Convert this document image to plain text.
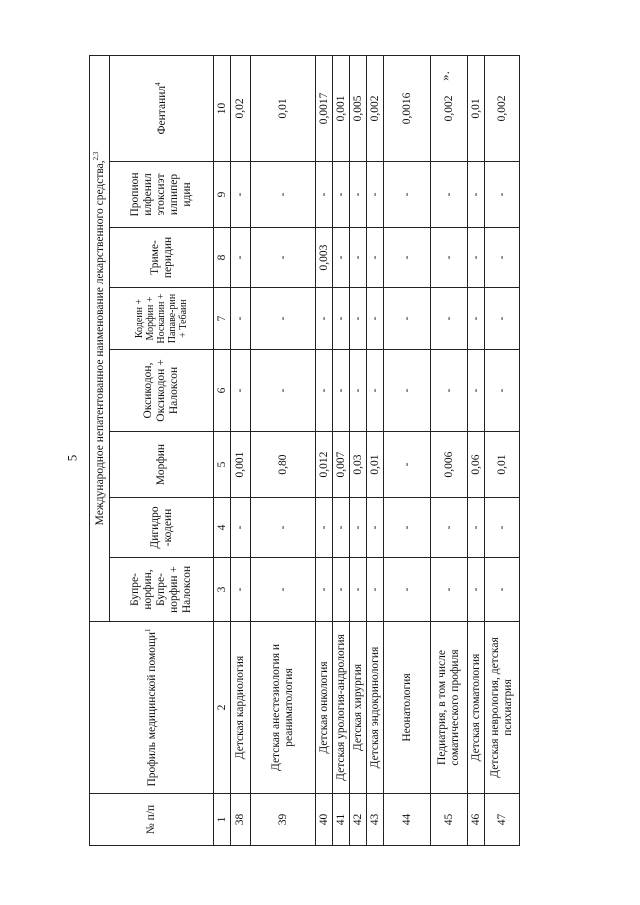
5
».
№ п/п	Профиль медицинской помощи$^1$	Международное непатентованное наименование лекарственного средства,$^{2,3}$
		Бупре-норфин, Бупре-норфин + Налоксон	Дигидро -кодеин	Морфин	Оксикодон, Оксикодон + Налоксон	Кодеин + Морфин + Носкапин + Папаве-рин + Тебаин	Триме-перидин	Пропион илфенил этоксиэт илпипер идин	Фентанил$^4$
1	2	3	4	5	6	7	8	9	10
38	Детская кардиология	-	-	0,001	-	-	-	-	0,02
39	Детская анестезиология и реаниматология	-	-	0,80	-	-	-	-	0,01
40	Детская онкология	-	-	0,012	-	-	0,003	-	0,0017
41	Детская урология-андрология	-	-	0,007	-	-	-	-	0,001
42	Детская хирургия	-	-	0,03	-	-	-	-	0,005
43	Детская эндокринология	-	-	0,01	-	-	-	-	0,002
44	Неонатология	-	-	-	-	-	-	-	0,0016
45	Педиатрия, в том числе соматического профиля	-	-	0,006	-	-	-	-	0,002
46	Детская стоматология	-	-	0,06	-	-	-	-	0,01
47	Детская неврология, детская психиатрия	-	-	0,01	-	-	-	-	0,002
